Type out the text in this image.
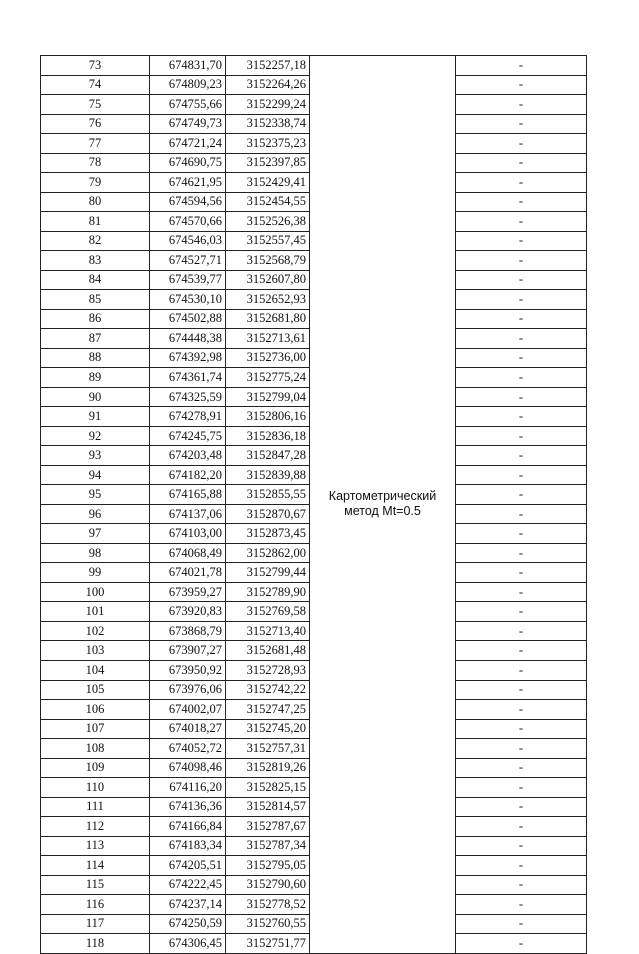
73	674831,70	3152257,18	Картометрический метод Mt=0.5	-
74	674809,23	3152264,26		-
75	674755,66	3152299,24		-
76	674749,73	3152338,74		-
77	674721,24	3152375,23		-
78	674690,75	3152397,85		-
79	674621,95	3152429,41		-
80	674594,56	3152454,55		-
81	674570,66	3152526,38		-
82	674546,03	3152557,45		-
83	674527,71	3152568,79		-
84	674539,77	3152607,80		-
85	674530,10	3152652,93		-
86	674502,88	3152681,80		-
87	674448,38	3152713,61		-
88	674392,98	3152736,00		-
89	674361,74	3152775,24		-
90	674325,59	3152799,04		-
91	674278,91	3152806,16		-
92	674245,75	3152836,18		-
93	674203,48	3152847,28		-
94	674182,20	3152839,88		-
95	674165,88	3152855,55		-
96	674137,06	3152870,67		-
97	674103,00	3152873,45		-
98	674068,49	3152862,00		-
99	674021,78	3152799,44		-
100	673959,27	3152789,90		-
101	673920,83	3152769,58		-
102	673868,79	3152713,40		-
103	673907,27	3152681,48		-
104	673950,92	3152728,93		-
105	673976,06	3152742,22		-
106	674002,07	3152747,25		-
107	674018,27	3152745,20		-
108	674052,72	3152757,31		-
109	674098,46	3152819,26		-
110	674116,20	3152825,15		-
111	674136,36	3152814,57		-
112	674166,84	3152787,67		-
113	674183,34	3152787,34		-
114	674205,51	3152795,05		-
115	674222,45	3152790,60		-
116	674237,14	3152778,52		-
117	674250,59	3152760,55		-
118	674306,45	3152751,77		-
